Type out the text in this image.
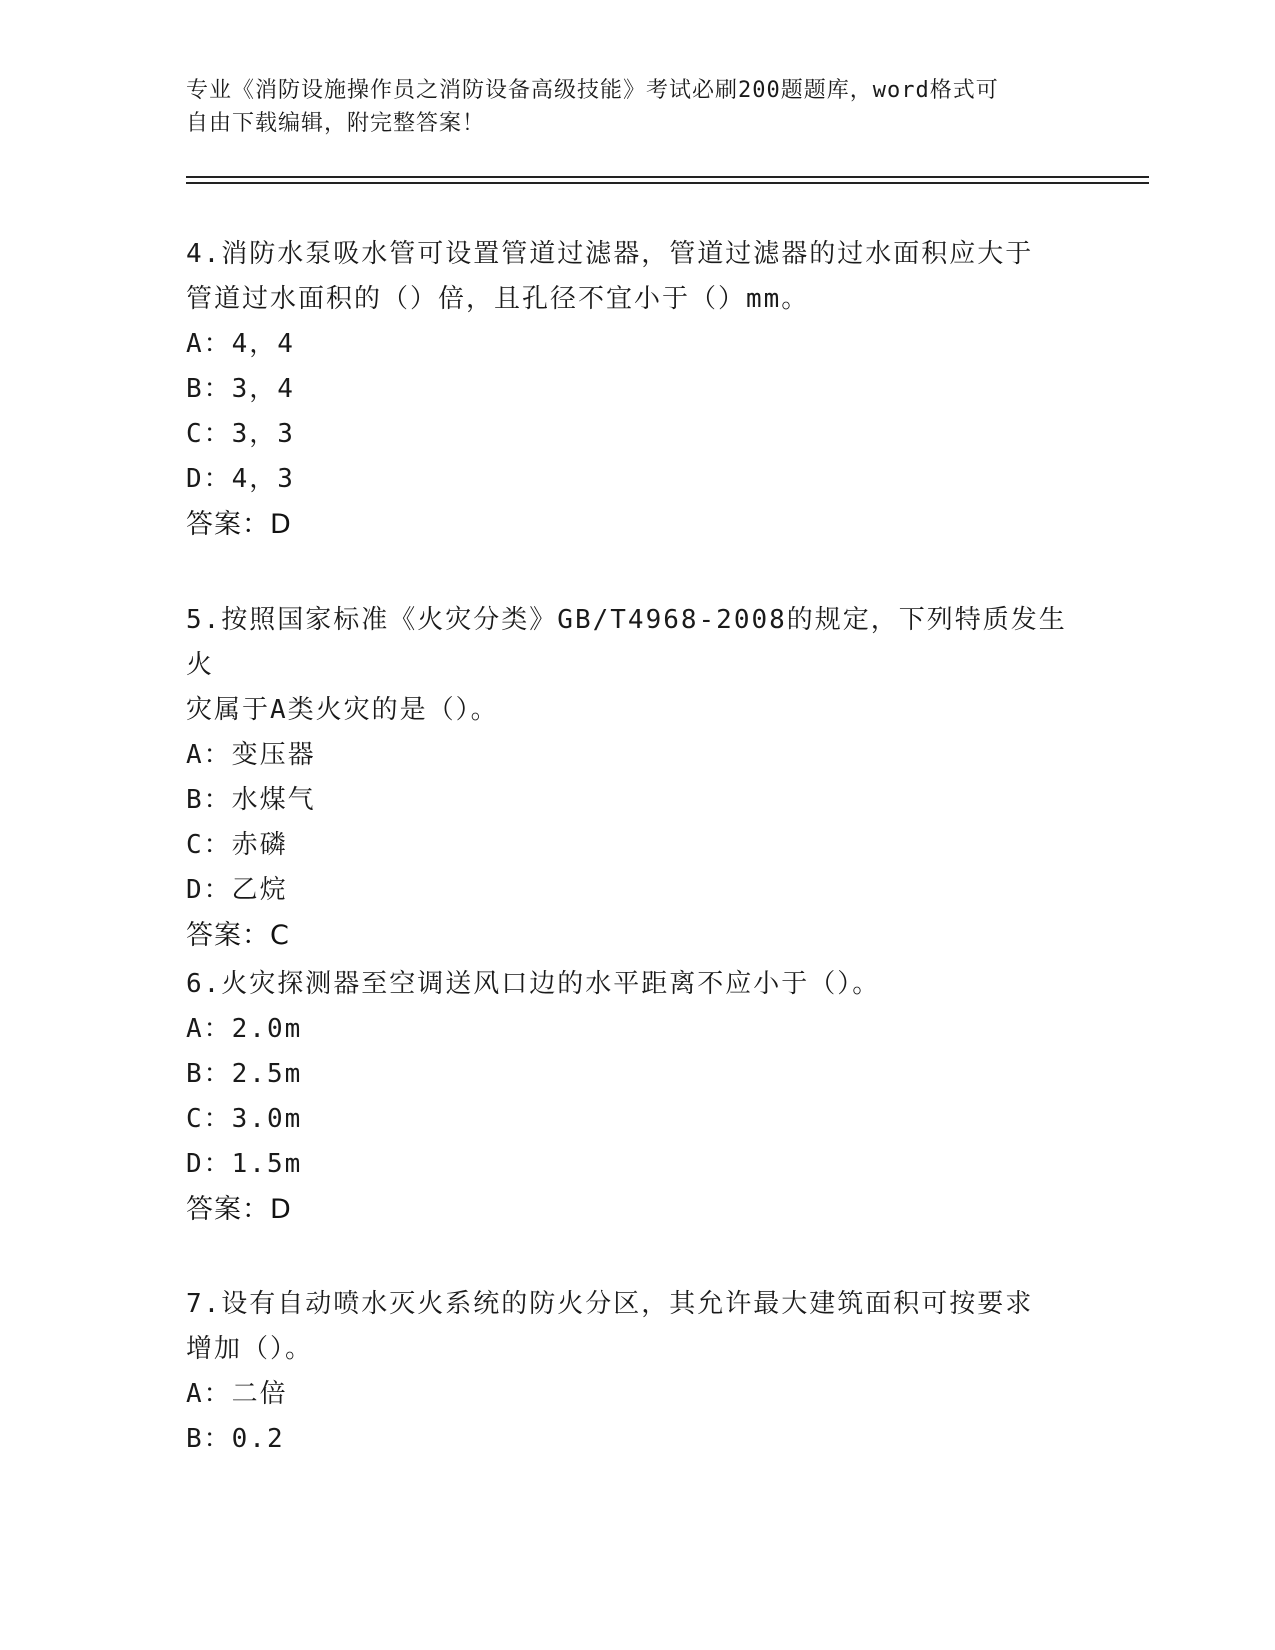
专业《消防设施操作员之消防设备高级技能》考试必刷200题题库，word格式可
自由下载编辑，附完整答案！

4.消防水泵吸水管可设置管道过滤器，管道过滤器的过水面积应大于

管道过水面积的（）倍，且孔径不宜小于（）mm。

A：4，4

B：3，4

C：3，3

D：4，3

答案：D

5.按照国家标准《火灾分类》GB/T4968-2008的规定，下列特质发生火

灾属于A类火灾的是（）。

A：变压器

B：水煤气

C：赤磷

D：乙烷

答案：C

6.火灾探测器至空调送风口边的水平距离不应小于（）。

A：2.0m

B：2.5m

C：3.0m

D：1.5m

答案：D

7.设有自动喷水灭火系统的防火分区，其允许最大建筑面积可按要求

增加（）。

A：二倍

B：0.2
